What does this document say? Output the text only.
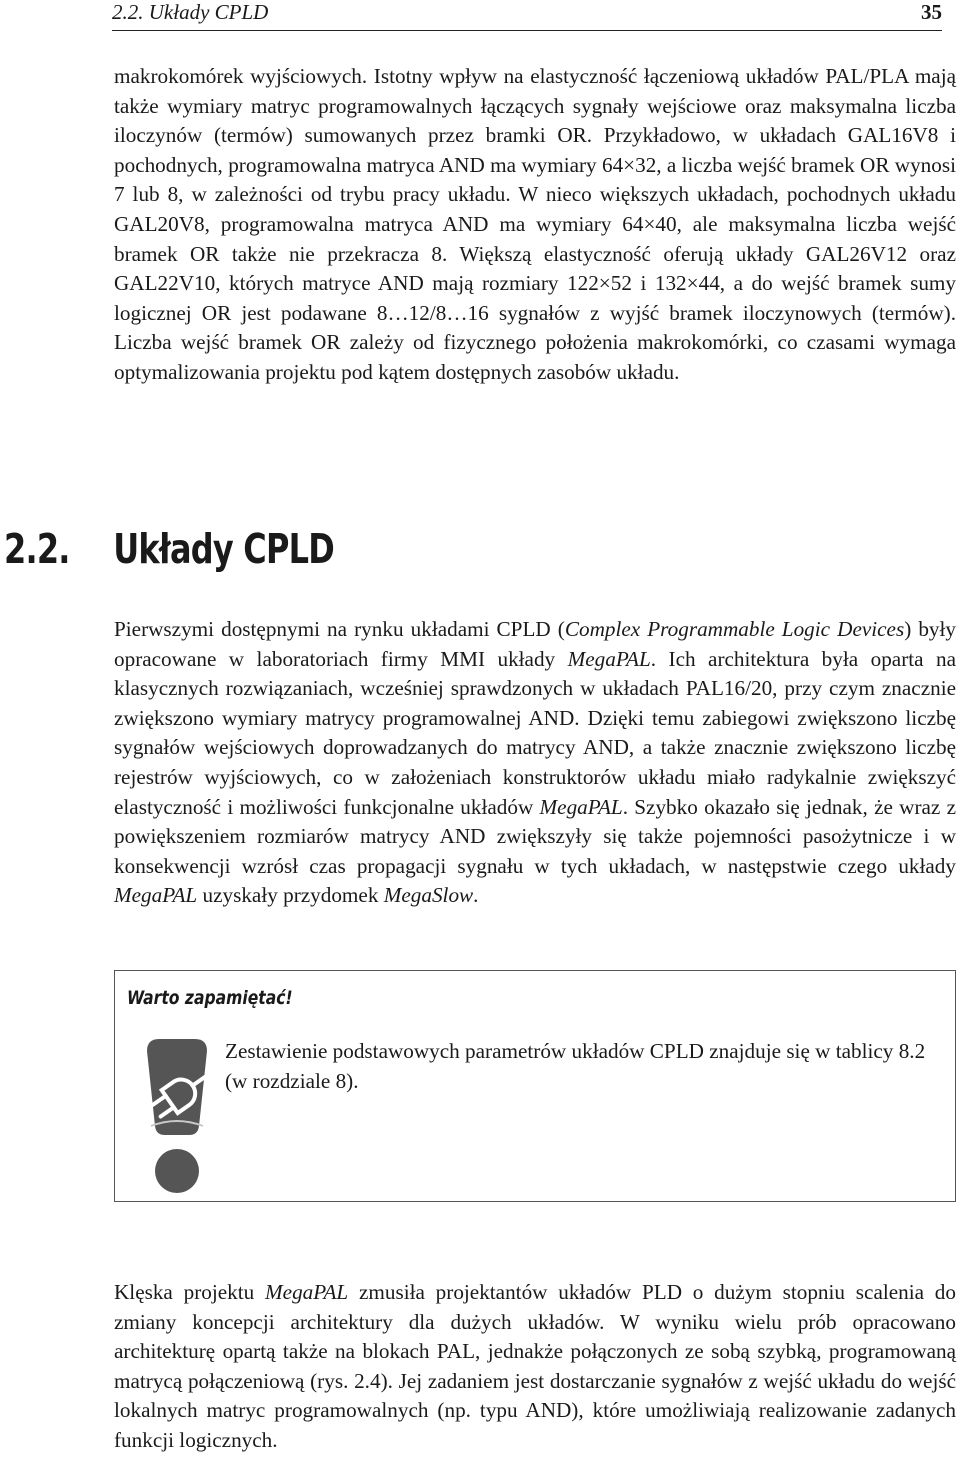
2.2. Układy CPLD	35

makrokomórek wyjściowych. Istotny wpływ na elastyczność łączeniową układów PAL/PLA mają także wymiary matryc programowalnych łączących sygnały wejściowe oraz maksymalna liczba iloczynów (termów) sumowanych przez bramki OR. Przykładowo, w układach GAL16V8 i pochodnych, programowalna matryca AND ma wymiary 64×32, a liczba wejść bramek OR wynosi 7 lub 8, w zależności od trybu pracy układu. W nieco większych układach, pochodnych układu GAL20V8, programowalna matryca AND ma wymiary 64×40, ale maksymalna liczba wejść bramek OR także nie przekracza 8. Większą elastyczność oferują układy GAL26V12 oraz GAL22V10, których matryce AND mają rozmiary 122×52 i 132×44, a do wejść bramek sumy logicznej OR jest podawane 8…12/8…16 sygnałów z wyjść bramek iloczynowych (termów). Liczba wejść bramek OR zależy od fizycznego położenia makrokomórki, co czasami wymaga optymalizowania projektu pod kątem dostępnych zasobów układu.

2.2. Układy CPLD

Pierwszymi dostępnymi na rynku układami CPLD (Complex Programmable Logic Devices) były opracowane w laboratoriach firmy MMI układy MegaPAL. Ich architektura była oparta na klasycznych rozwiązaniach, wcześniej sprawdzonych w układach PAL16/20, przy czym znacznie zwiększono wymiary matrycy programowalnej AND. Dzięki temu zabiegowi zwiększono liczbę sygnałów wejściowych doprowadzanych do matrycy AND, a także znacznie zwiększono liczbę rejestrów wyjściowych, co w założeniach konstruktorów układu miało radykalnie zwiększyć elastyczność i możliwości funkcjonalne układów MegaPAL. Szybko okazało się jednak, że wraz z powiększeniem rozmiarów matrycy AND zwiększyły się także pojemności pasożytnicze i w konsekwencji wzrósł czas propagacji sygnału w tych układach, w następstwie czego układy MegaPAL uzyskały przydomek MegaSlow.

Warto zapamiętać!

Zestawienie podstawowych parametrów układów CPLD znajduje się w tablicy 8.2 (w rozdziale 8).

Klęska projektu MegaPAL zmusiła projektantów układów PLD o dużym stopniu scalenia do zmiany koncepcji architektury dla dużych układów. W wyniku wielu prób opracowano architekturę opartą także na blokach PAL, jednakże połączonych ze sobą szybką, programowaną matrycą połączeniową (rys. 2.4). Jej zadaniem jest dostarczanie sygnałów z wejść układu do wejść lokalnych matryc programowalnych (np. typu AND), które umożliwiają realizowanie zadanych funkcji logicznych.
